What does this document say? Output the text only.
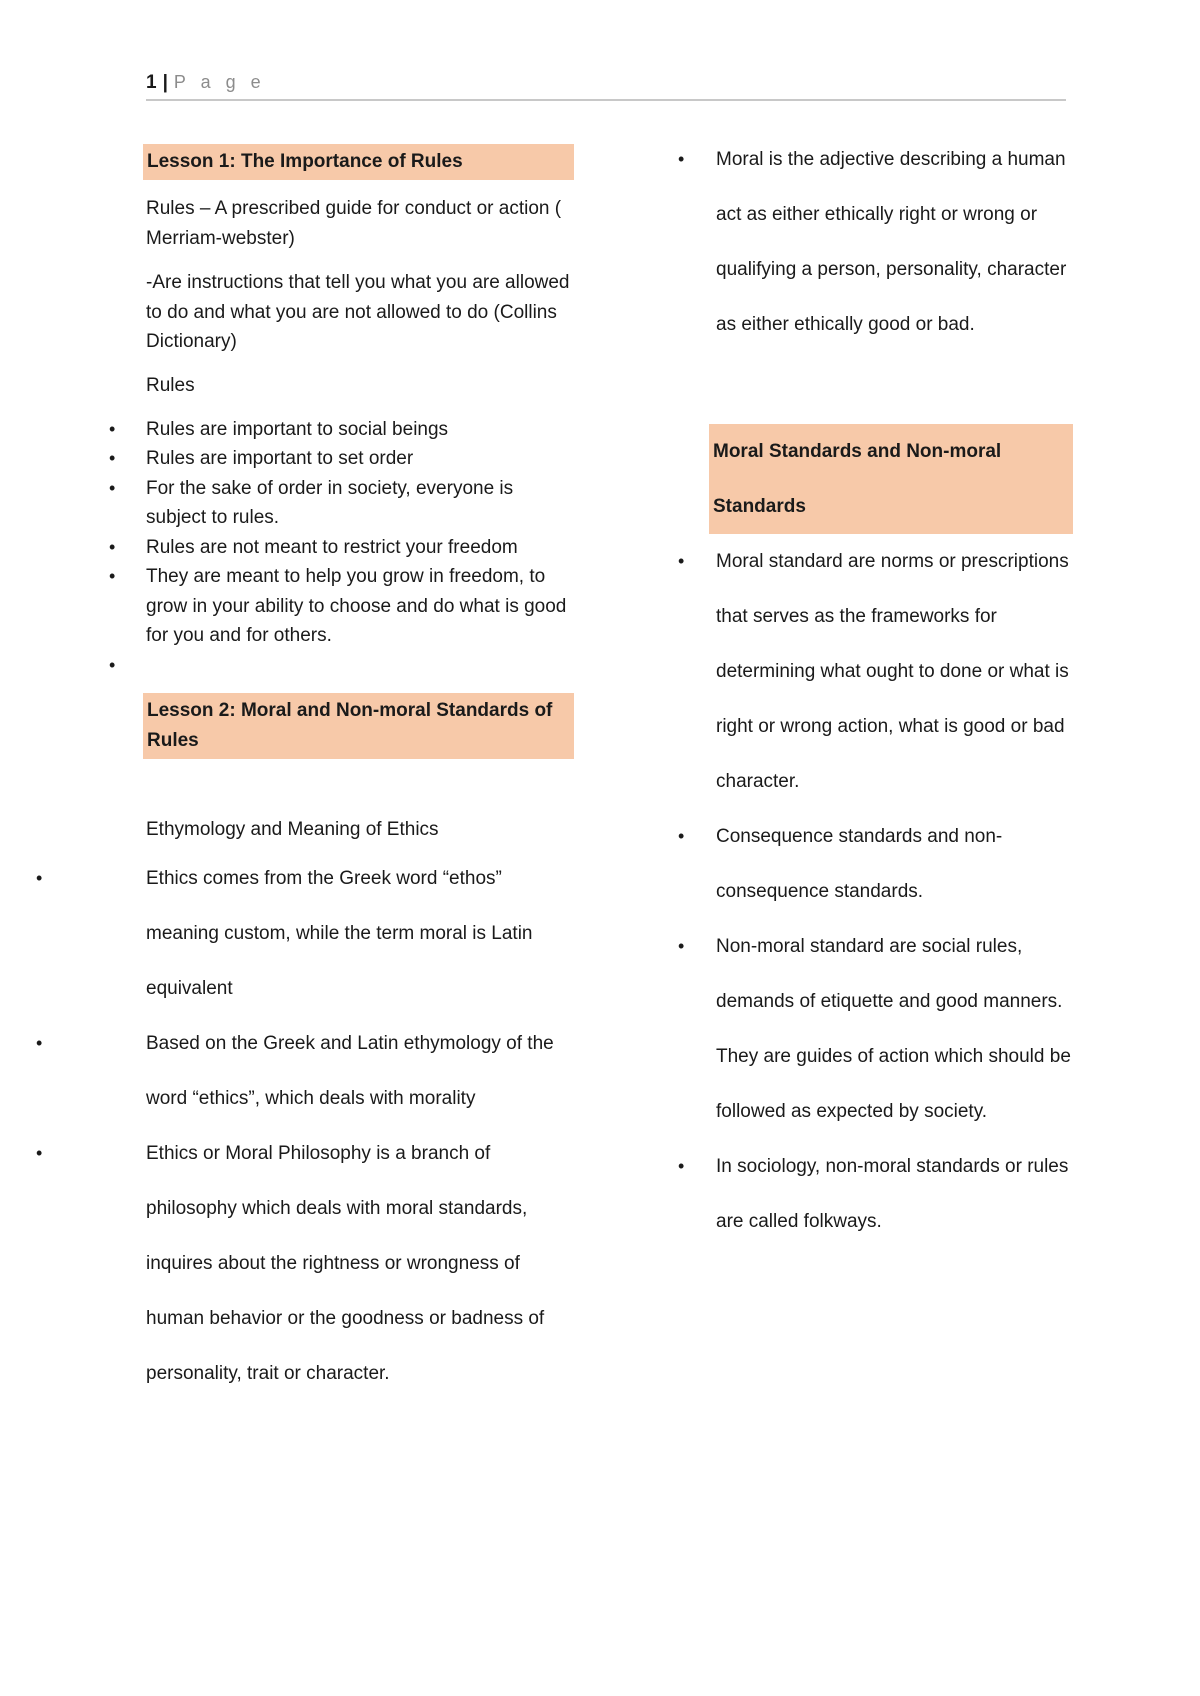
1 | P a g e
Lesson 1: The Importance of Rules

Rules – A prescribed guide for conduct or action ( Merriam-webster)

-Are instructions that tell you what you are allowed to do and what you are not allowed to do (Collins Dictionary)

Rules

• Rules are important to social beings
• Rules are important to set order
• For the sake of order in society, everyone is subject to rules.
• Rules are not meant to restrict your freedom
• They are meant to help you grow in freedom, to grow in your ability to choose and do what is good for you and for others.
•
Lesson 2: Moral and Non-moral Standards of Rules

Ethymology and Meaning of Ethics

• Ethics comes from the Greek word “ethos” meaning custom, while the term moral is Latin equivalent
• Based on the Greek and Latin ethymology of the word “ethics”, which deals with morality
• Ethics or Moral Philosophy is a branch of philosophy which deals with moral standards, inquires about the rightness or wrongness of human behavior or the goodness or badness of personality, trait or character.
• Moral is the adjective describing a human act as either ethically right or wrong or qualifying a person, personality, character as either ethically good or bad.
Moral Standards and Non-moral Standards
• Moral standard are norms or prescriptions that serves as the frameworks for determining what ought to done or what is right or wrong action, what is good or bad character.
• Consequence standards and non-consequence standards.
• Non-moral standard are social rules, demands of etiquette and good manners. They are guides of action which should be followed as expected by society.
• In sociology, non-moral standards or rules are called folkways.
